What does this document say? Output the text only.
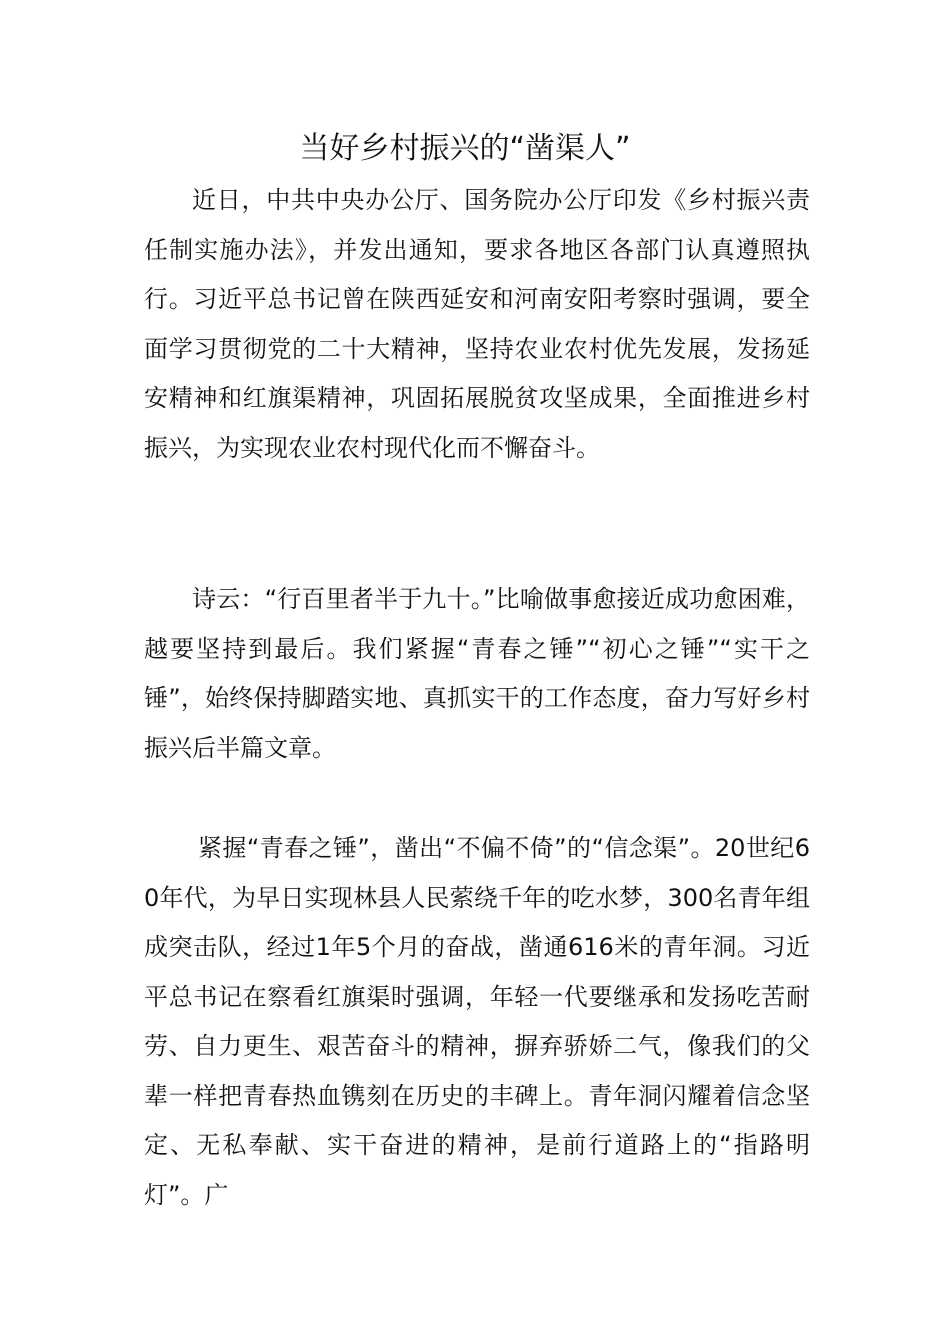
当好乡村振兴的“凿渠人”

近日，中共中央办公厅、国务院办公厅印发《乡村振兴责任制实施办法》，并发出通知，要求各地区各部门认真遵照执行。习近平总书记曾在陕西延安和河南安阳考察时强调，要全面学习贯彻党的二十大精神，坚持农业农村优先发展，发扬延安精神和红旗渠精神，巩固拓展脱贫攻坚成果，全面推进乡村振兴，为实现农业农村现代化而不懈奋斗。

诗云：“行百里者半于九十。”比喻做事愈接近成功愈困难，越要坚持到最后。我们紧握“青春之锤”“初心之锤”“实干之锤”，始终保持脚踏实地、真抓实干的工作态度，奋力写好乡村振兴后半篇文章。

紧握“青春之锤”，凿出“不偏不倚”的“信念渠”。20世纪60年代，为早日实现林县人民萦绕千年的吃水梦，300名青年组成突击队，经过1年5个月的奋战，凿通616米的青年洞。习近平总书记在察看红旗渠时强调，年轻一代要继承和发扬吃苦耐劳、自力更生、艰苦奋斗的精神，摒弃骄娇二气，像我们的父辈一样把青春热血镌刻在历史的丰碑上。青年洞闪耀着信念坚定、无私奉献、实干奋进的精神，是前行道路上的“指路明灯”。广
